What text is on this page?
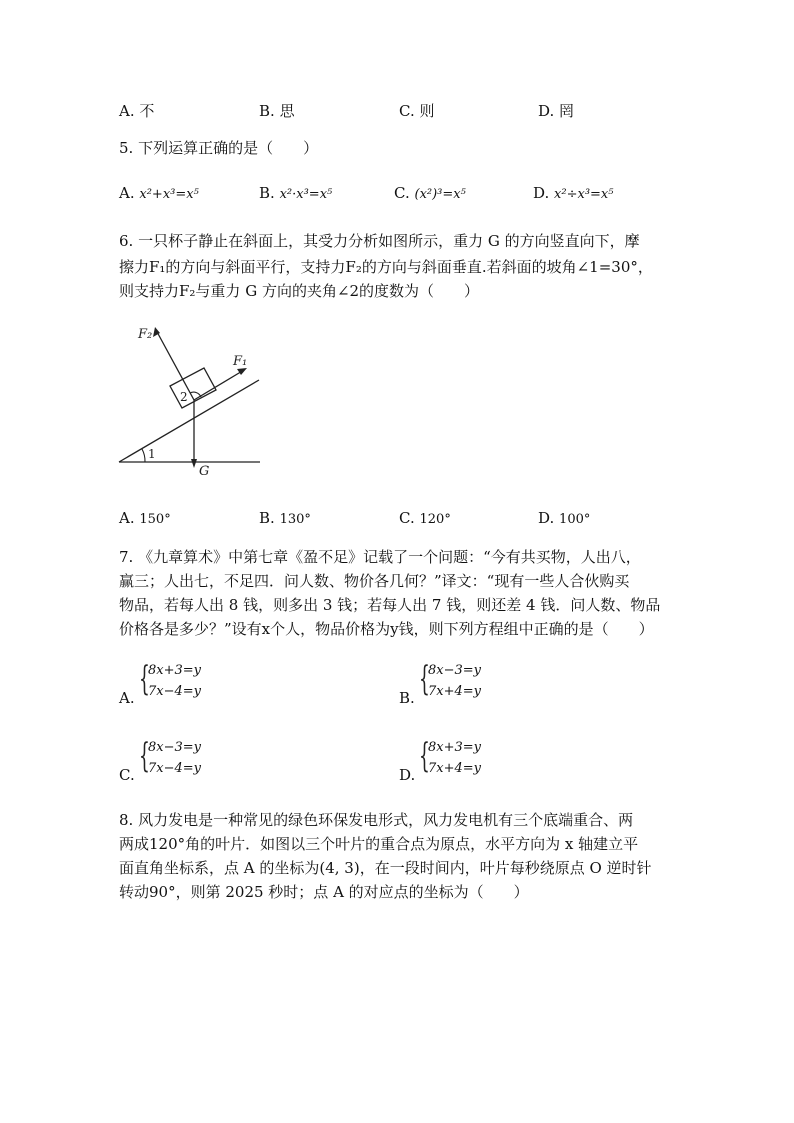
A. 不	B. 思	C. 则	D. 罔
5. 下列运算正确的是（　　）
A. x²+x³=x⁵	B. x²·x³=x⁵	C. (x²)³=x⁵	D. x²÷x³=x⁵
6. 一只杯子静止在斜面上，其受力分析如图所示，重力 G 的方向竖直向下，摩
擦力F₁的方向与斜面平行，支持力F₂的方向与斜面垂直.若斜面的坡角∠1=30°，
则支持力F₂与重力 G 方向的夹角∠2的度数为（　　）
F₂
F₁
G
1
2
A. 150°	B. 130°	C. 120°	D. 100°
7. 《九章算术》中第七章《盈不足》记载了一个问题：“今有共买物，人出八，
赢三；人出七，不足四．问人数、物价各几何？”译文：“现有一些人合伙购买
物品，若每人出 8 钱，则多出 3 钱；若每人出 7 钱，则还差 4 钱．问人数、物品
价格各是多少？”设有x个人，物品价格为y钱，则下列方程组中正确的是（　　）
A. {
8x+3=y
7x−4=y	B. {
8x−3=y
7x+4=y
C. {
8x−3=y
7x−4=y	D. {
8x+3=y
7x+4=y
8. 风力发电是一种常见的绿色环保发电形式，风力发电机有三个底端重合、两
两成120°角的叶片．如图以三个叶片的重合点为原点，水平方向为 x 轴建立平
面直角坐标系，点 A 的坐标为(4, 3)，在一段时间内，叶片每秒绕原点 O 逆时针
转动90°，则第 2025 秒时；点 A 的对应点的坐标为（　　）
